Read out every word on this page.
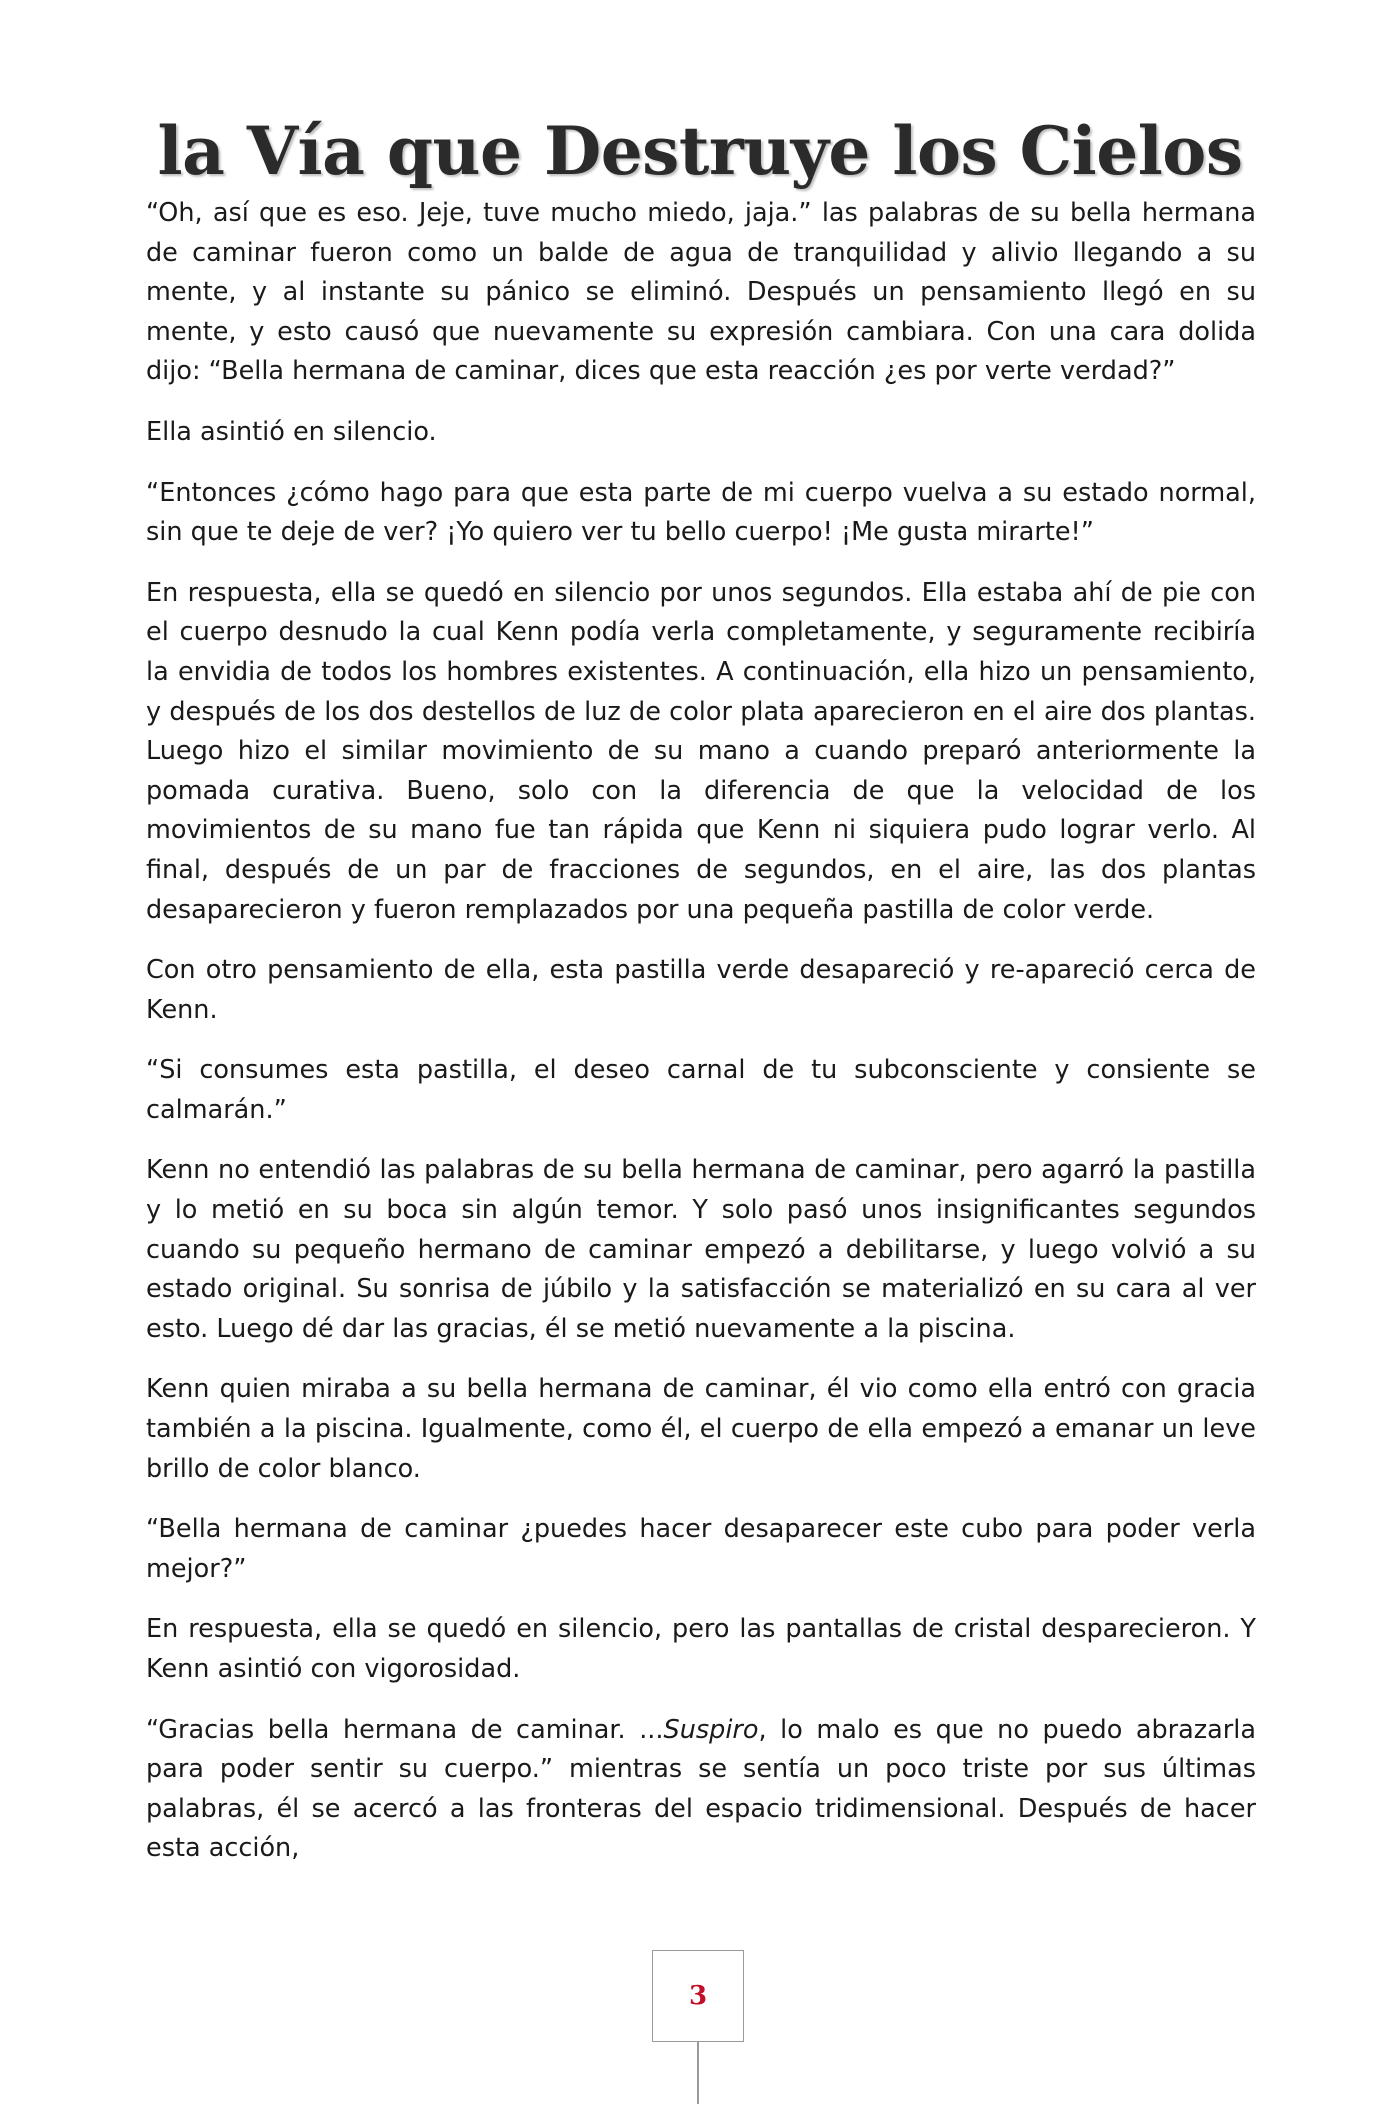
la Vía que Destruye los Cielos

“Oh, así que es eso. Jeje, tuve mucho miedo, jaja.” las palabras de su bella hermana de caminar fueron como un balde de agua de tranquilidad y alivio llegando a su mente, y al instante su pánico se eliminó. Después un pensamiento llegó en su mente, y esto causó que nuevamente su expresión cambiara. Con una cara dolida dijo: “Bella hermana de caminar, dices que esta reacción ¿es por verte verdad?”

Ella asintió en silencio.

“Entonces ¿cómo hago para que esta parte de mi cuerpo vuelva a su estado normal, sin que te deje de ver? ¡Yo quiero ver tu bello cuerpo! ¡Me gusta mirarte!”

En respuesta, ella se quedó en silencio por unos segundos. Ella estaba ahí de pie con el cuerpo desnudo la cual Kenn podía verla completamente, y seguramente recibiría la envidia de todos los hombres existentes. A continuación, ella hizo un pensamiento, y después de los dos destellos de luz de color plata aparecieron en el aire dos plantas. Luego hizo el similar movimiento de su mano a cuando preparó anteriormente la pomada curativa. Bueno, solo con la diferencia de que la velocidad de los movimientos de su mano fue tan rápida que Kenn ni siquiera pudo lograr verlo. Al final, después de un par de fracciones de segundos, en el aire, las dos plantas desaparecieron y fueron remplazados por una pequeña pastilla de color verde.

Con otro pensamiento de ella, esta pastilla verde desapareció y re-apareció cerca de Kenn.

“Si consumes esta pastilla, el deseo carnal de tu subconsciente y consiente se calmarán.”

Kenn no entendió las palabras de su bella hermana de caminar, pero agarró la pastilla y lo metió en su boca sin algún temor. Y solo pasó unos insignificantes segundos cuando su pequeño hermano de caminar empezó a debilitarse, y luego volvió a su estado original. Su sonrisa de júbilo y la satisfacción se materializó en su cara al ver esto. Luego dé dar las gracias, él se metió nuevamente a la piscina.

Kenn quien miraba a su bella hermana de caminar, él vio como ella entró con gracia también a la piscina. Igualmente, como él, el cuerpo de ella empezó a emanar un leve brillo de color blanco.

“Bella hermana de caminar ¿puedes hacer desaparecer este cubo para poder verla mejor?”

En respuesta, ella se quedó en silencio, pero las pantallas de cristal desparecieron. Y Kenn asintió con vigorosidad.

“Gracias bella hermana de caminar. ...Suspiro, lo malo es que no puedo abrazarla para poder sentir su cuerpo.” mientras se sentía un poco triste por sus últimas palabras, él se acercó a las fronteras del espacio tridimensional. Después de hacer esta acción,

3
